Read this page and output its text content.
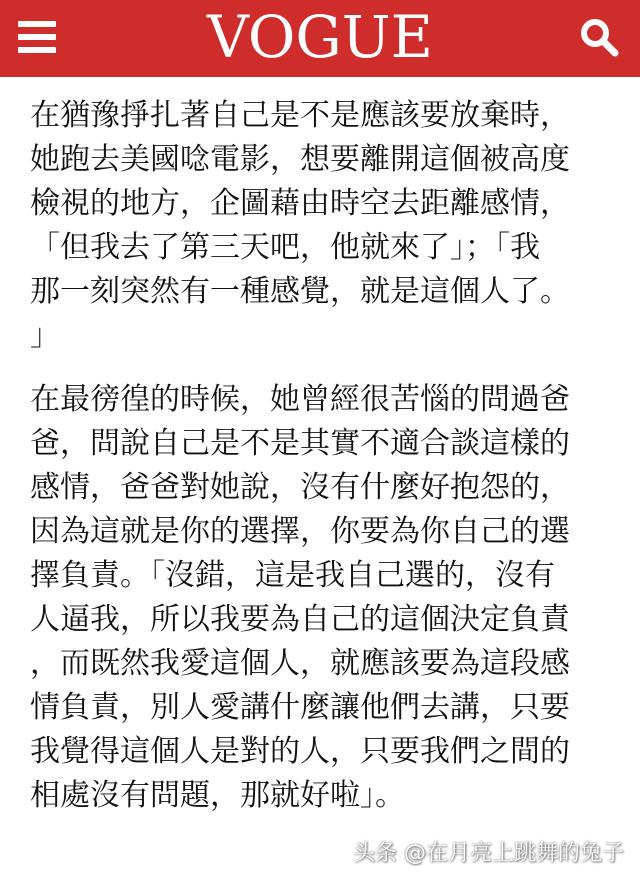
VOGUE

在猶豫掙扎著自己是不是應該要放棄時，
她跑去美國唸電影，想要離開這個被高度
檢視的地方，企圖藉由時空去距離感情，
「但我去了第三天吧，他就來了」；「我
那一刻突然有一種感覺，就是這個人了。
」

在最徬徨的時候，她曾經很苦惱的問過爸
爸，問說自己是不是其實不適合談這樣的
感情，爸爸對她說，沒有什麼好抱怨的，
因為這就是你的選擇，你要為你自己的選
擇負責。「沒錯，這是我自己選的，沒有
人逼我，所以我要為自己的這個決定負責
，而既然我愛這個人，就應該要為這段感
情負責，別人愛講什麼讓他們去講，只要
我覺得這個人是對的人，只要我們之間的
相處沒有問題，那就好啦」。

头条 @在月亮上跳舞的兔子
